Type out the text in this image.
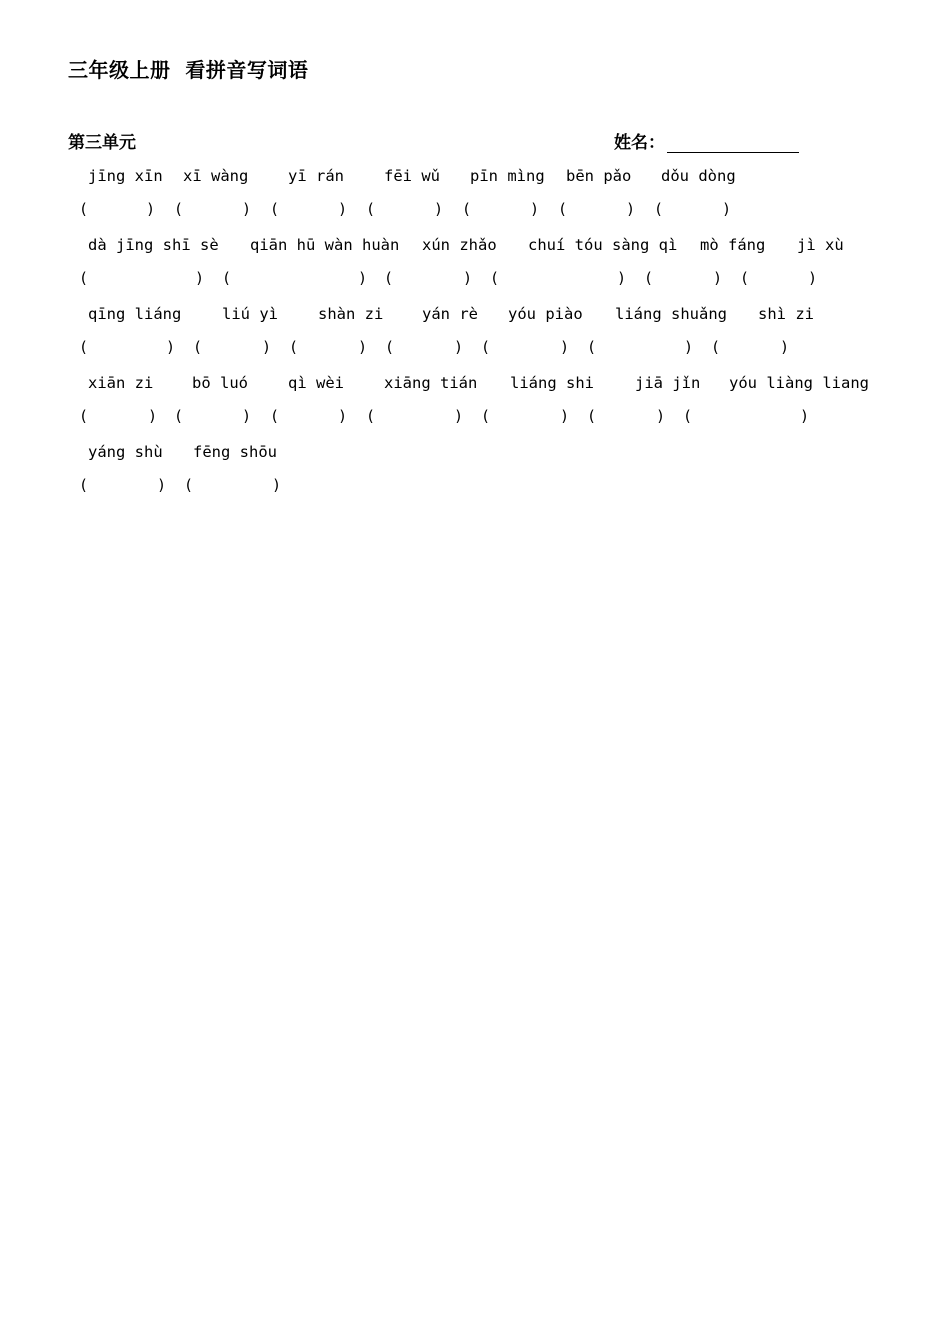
三年级上册  看拼音写词语
第三单元	姓名：
jīng xīn
(	)
xī wàng
(	)
yī rán
(	)
fēi wǔ
(	)
pīn mìng
(	)
bēn pǎo
(	)
dǒu dòng
(	)
dà jīng shī sè
(	)
qiān hū wàn huàn
(	)
xún zhǎo
(	)
chuí tóu sàng qì
(	)
mò fáng
(	)
jì xù
(	)
qīng liáng
(	)
liú yì
(	)
shàn zi
(	)
yán rè
(	)
yóu piào
(	)
liáng shuǎng
(	)
shì zi
(	)
xiān zi
(	)
bō luó
(	)
qì wèi
(	)
xiāng tián
(	)
liáng shi
(	)
jiā jǐn
(	)
yóu liàng liang
(	)
yáng shù
(	)
fēng shōu
(	)
